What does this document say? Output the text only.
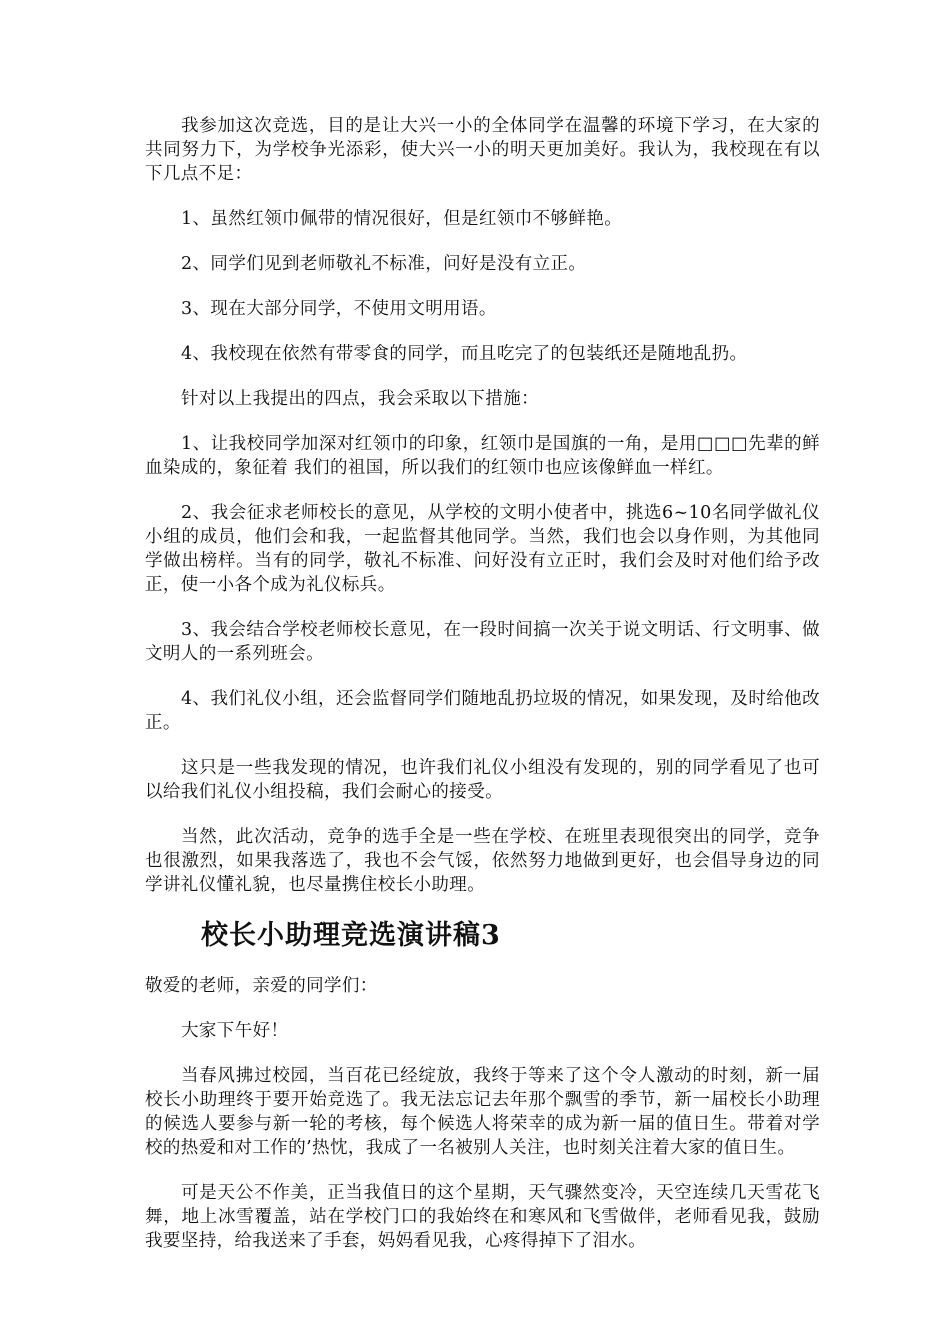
我参加这次竞选，目的是让大兴一小的全体同学在温馨的环境下学习，在大家的共同努力下，为学校争光添彩，使大兴一小的明天更加美好。我认为，我校现在有以下几点不足：

1、虽然红领巾佩带的情况很好，但是红领巾不够鲜艳。

2、同学们见到老师敬礼不标准，问好是没有立正。

3、现在大部分同学，不使用文明用语。

4、我校现在依然有带零食的同学，而且吃完了的包装纸还是随地乱扔。

针对以上我提出的四点，我会采取以下措施：

1、让我校同学加深对红领巾的印象，红领巾是国旗的一角，是用□□□先辈的鲜血染成的，象征着 我们的祖国，所以我们的红领巾也应该像鲜血一样红。

2、我会征求老师校长的意见，从学校的文明小使者中，挑选6~10名同学做礼仪小组的成员，他们会和我，一起监督其他同学。当然，我们也会以身作则，为其他同学做出榜样。当有的同学，敬礼不标准、问好没有立正时，我们会及时对他们给予改正，使一小各个成为礼仪标兵。

3、我会结合学校老师校长意见，在一段时间搞一次关于说文明话、行文明事、做文明人的一系列班会。

4、我们礼仪小组，还会监督同学们随地乱扔垃圾的情况，如果发现，及时给他改正。

这只是一些我发现的情况，也许我们礼仪小组没有发现的，别的同学看见了也可以给我们礼仪小组投稿，我们会耐心的接受。

当然，此次活动，竞争的选手全是一些在学校、在班里表现很突出的同学，竞争也很激烈，如果我落选了，我也不会气馁，依然努力地做到更好，也会倡导身边的同学讲礼仪懂礼貌，也尽量携住校长小助理。

校长小助理竞选演讲稿3

敬爱的老师，亲爱的同学们：

大家下午好！

当春风拂过校园，当百花已经绽放，我终于等来了这个令人激动的时刻，新一届校长小助理终于要开始竞选了。我无法忘记去年那个飘雪的季节，新一届校长小助理的候选人要参与新一轮的考核，每个候选人将荣幸的成为新一届的值日生。带着对学校的热爱和对工作的’热忱，我成了一名被别人关注，也时刻关注着大家的值日生。

可是天公不作美，正当我值日的这个星期，天气骤然变冷，天空连续几天雪花飞舞，地上冰雪覆盖，站在学校门口的我始终在和寒风和飞雪做伴，老师看见我，鼓励我要坚持，给我送来了手套，妈妈看见我，心疼得掉下了泪水。
